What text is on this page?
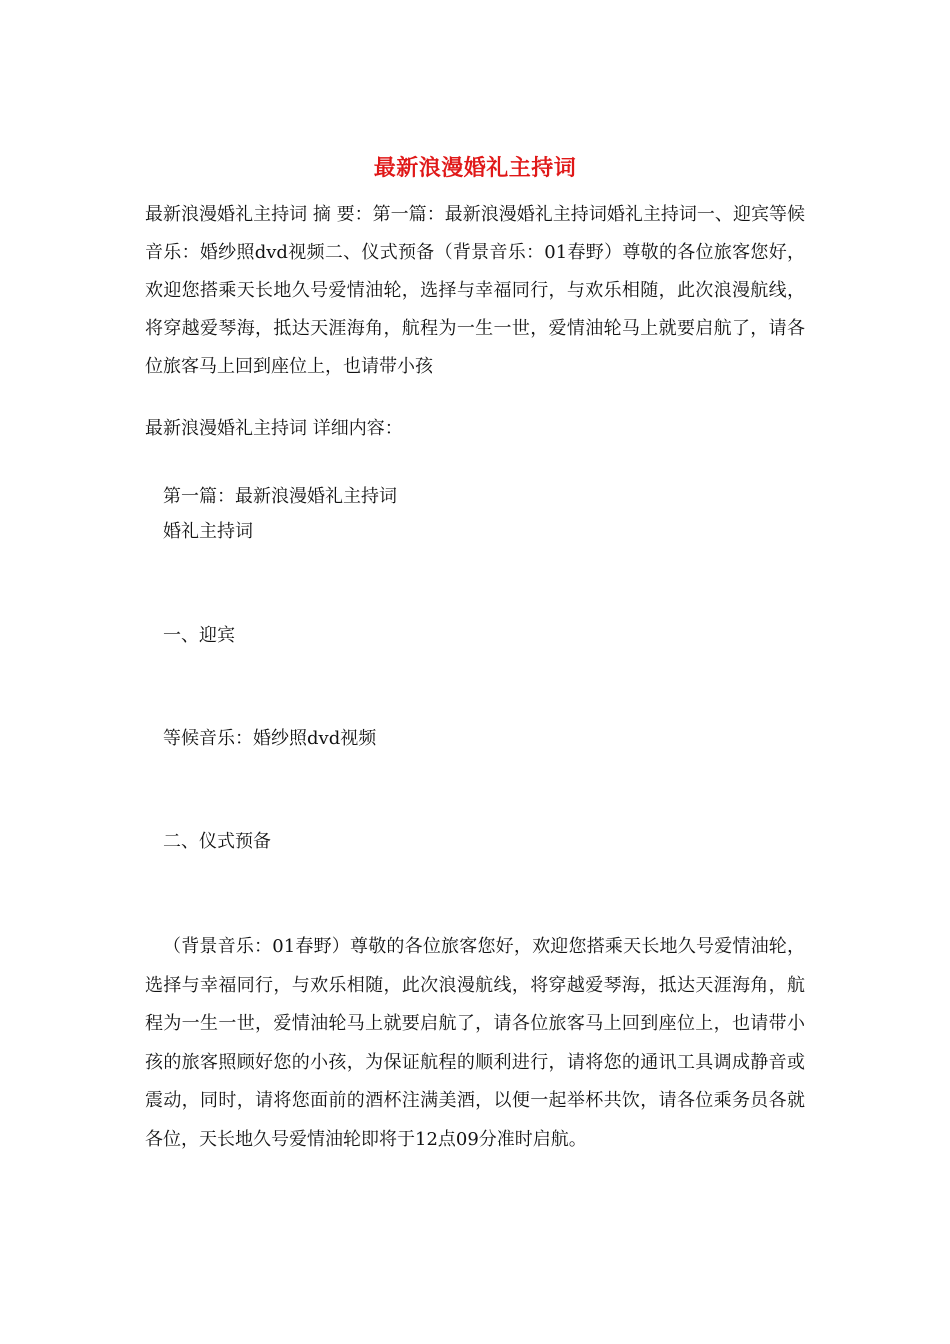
最新浪漫婚礼主持词
最新浪漫婚礼主持词 摘 要：第一篇：最新浪漫婚礼主持词婚礼主持词一、迎宾等候音乐：婚纱照dvd视频二、仪式预备（背景音乐：01春野）尊敬的各位旅客您好，欢迎您搭乘天长地久号爱情油轮，选择与幸福同行，与欢乐相随，此次浪漫航线，将穿越爱琴海，抵达天涯海角，航程为一生一世，爱情油轮马上就要启航了，请各位旅客马上回到座位上，也请带小孩
最新浪漫婚礼主持词 详细内容：
第一篇：最新浪漫婚礼主持词
婚礼主持词
一、迎宾
等候音乐：婚纱照dvd视频
二、仪式预备
（背景音乐：01春野）尊敬的各位旅客您好，欢迎您搭乘天长地久号爱情油轮，选择与幸福同行，与欢乐相随，此次浪漫航线，将穿越爱琴海，抵达天涯海角，航程为一生一世，爱情油轮马上就要启航了，请各位旅客马上回到座位上，也请带小孩的旅客照顾好您的小孩，为保证航程的顺利进行，请将您的通讯工具调成静音或震动，同时，请将您面前的酒杯注满美酒，以便一起举杯共饮，请各位乘务员各就各位，天长地久号爱情油轮即将于12点09分准时启航。
